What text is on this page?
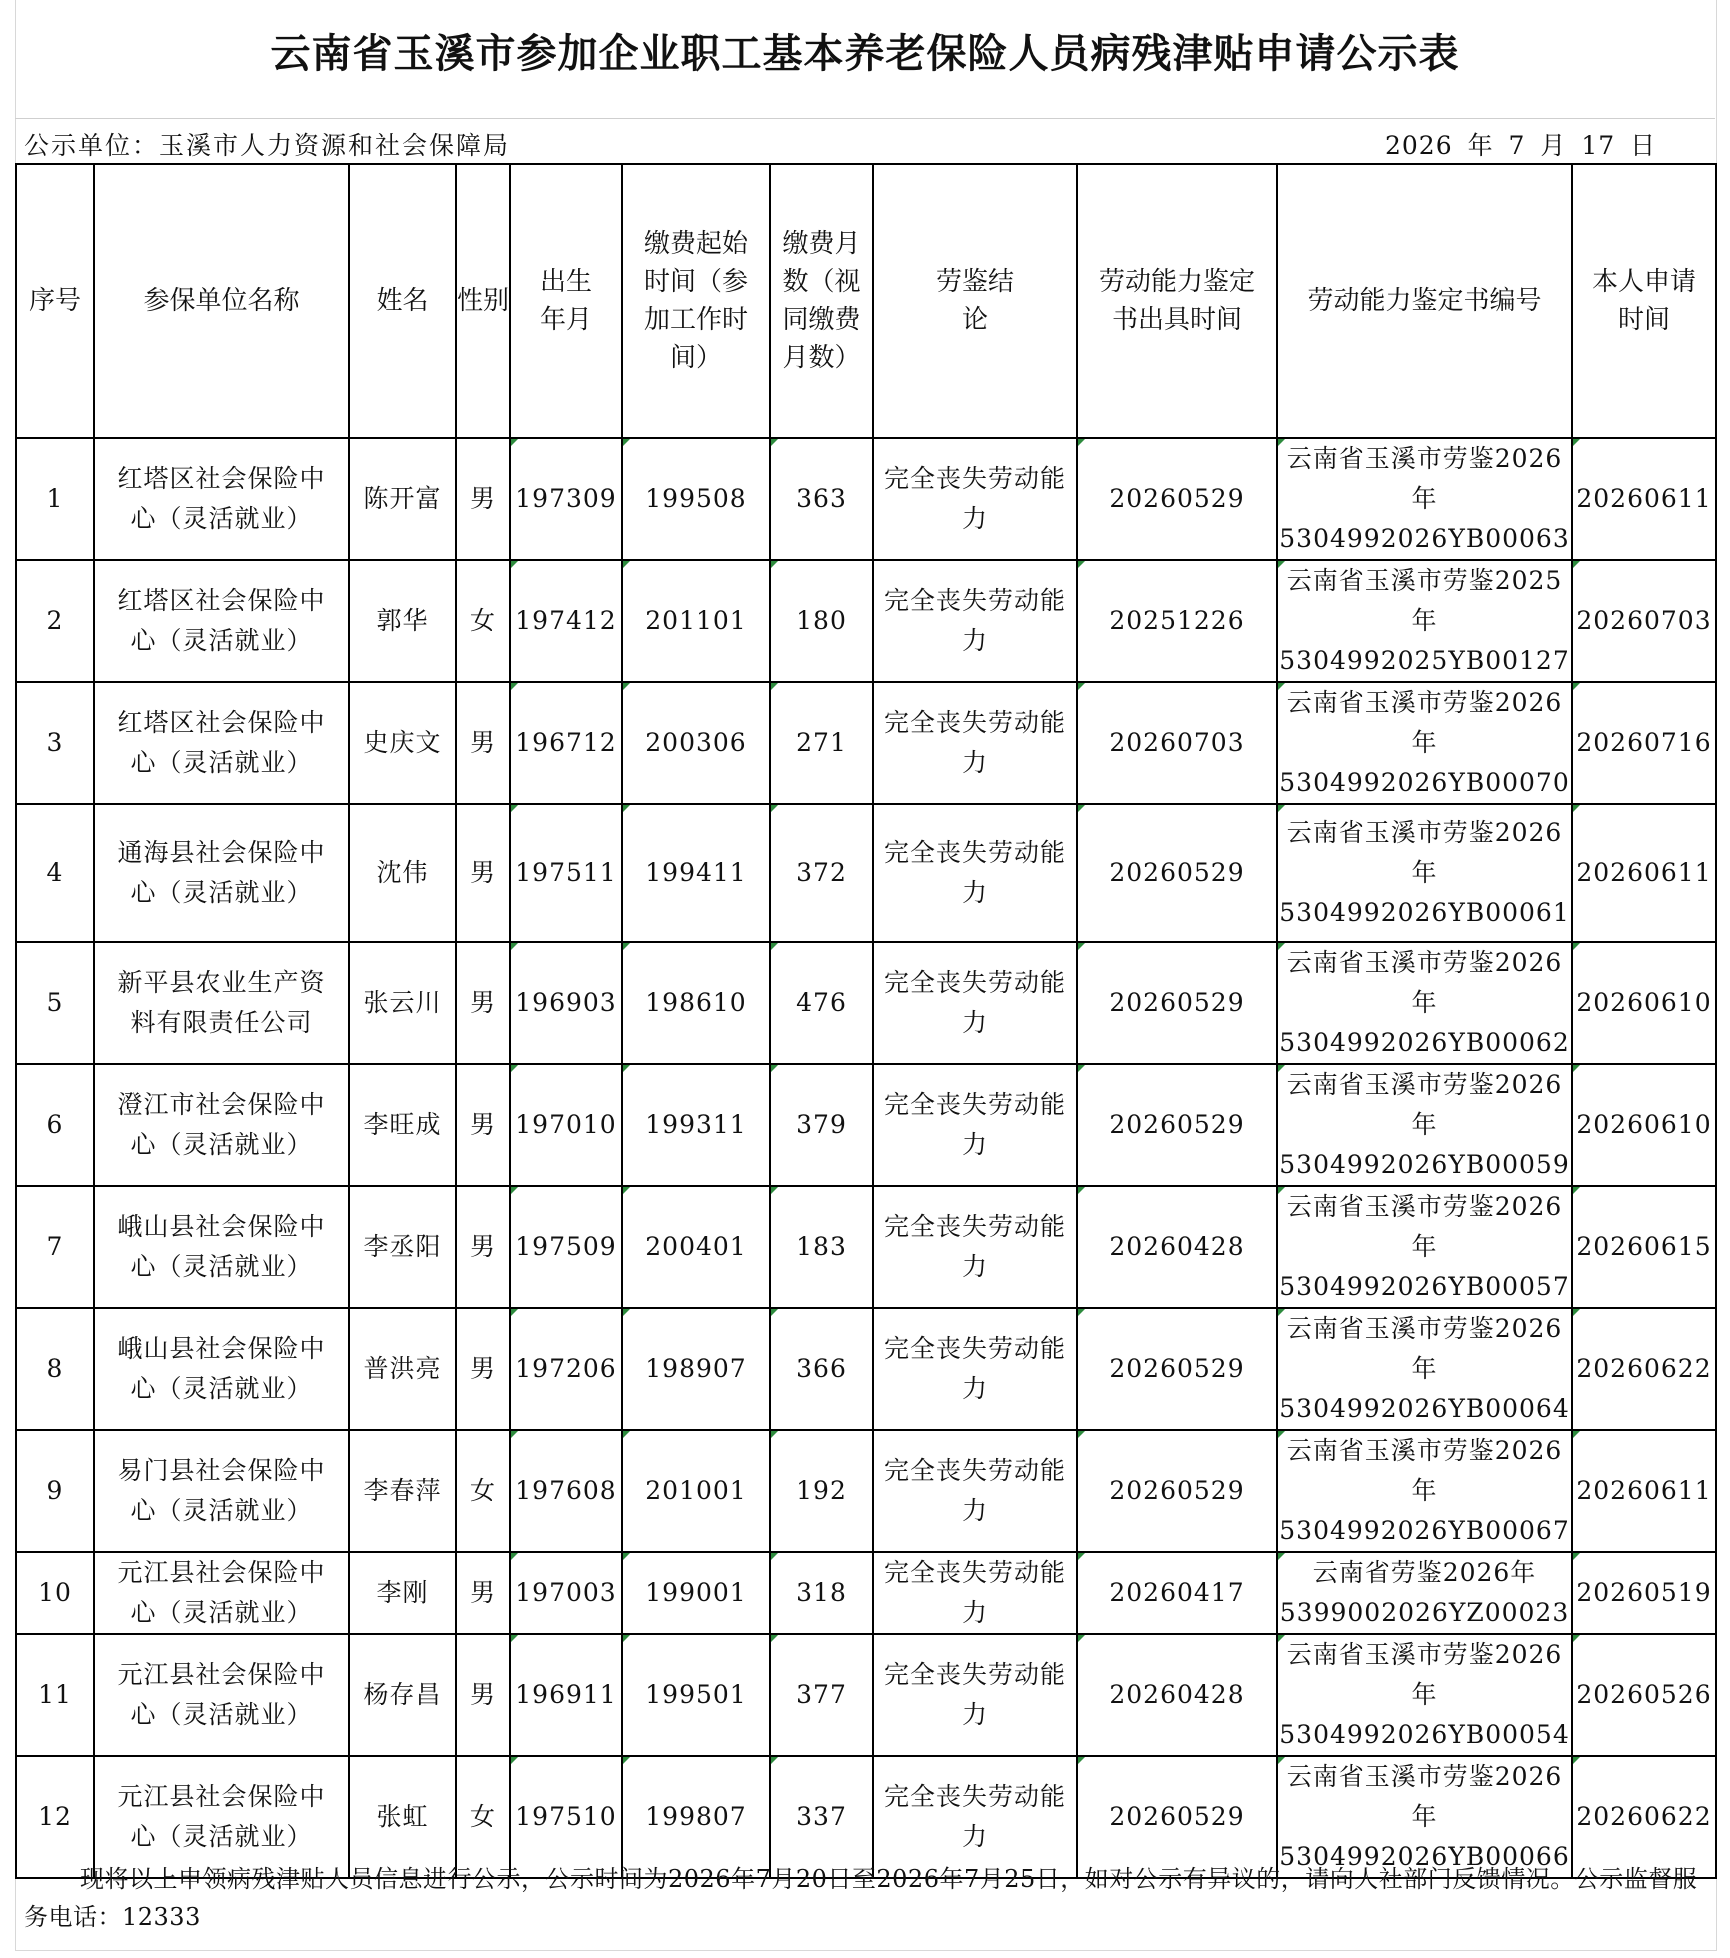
云南省玉溪市参加企业职工基本养老保险人员病残津贴申请公示表
公示单位：玉溪市人力资源和社会保障局	2026 年 7 月 17 日
序号	参保单位名称	姓名	性别	出生年月	缴费起始时间（参加工作时间）	缴费月数（视同缴费月数）	劳鉴结论	劳动能力鉴定书出具时间	劳动能力鉴定书编号	本人申请时间
1	红塔区社会保险中心（灵活就业）	陈开富	男	197309	199508	363	完全丧失劳动能力	20260529	云南省玉溪市劳鉴2026年5304992026YB00063	20260611
2	红塔区社会保险中心（灵活就业）	郭华	女	197412	201101	180	完全丧失劳动能力	20251226	云南省玉溪市劳鉴2025年5304992025YB00127	20260703
3	红塔区社会保险中心（灵活就业）	史庆文	男	196712	200306	271	完全丧失劳动能力	20260703	云南省玉溪市劳鉴2026年5304992026YB00070	20260716
4	通海县社会保险中心（灵活就业）	沈伟	男	197511	199411	372	完全丧失劳动能力	20260529	云南省玉溪市劳鉴2026年5304992026YB00061	20260611
5	新平县农业生产资料有限责任公司	张云川	男	196903	198610	476	完全丧失劳动能力	20260529	云南省玉溪市劳鉴2026年5304992026YB00062	20260610
6	澄江市社会保险中心（灵活就业）	李旺成	男	197010	199311	379	完全丧失劳动能力	20260529	云南省玉溪市劳鉴2026年5304992026YB00059	20260610
7	峨山县社会保险中心（灵活就业）	李丞阳	男	197509	200401	183	完全丧失劳动能力	20260428	云南省玉溪市劳鉴2026年5304992026YB00057	20260615
8	峨山县社会保险中心（灵活就业）	普洪亮	男	197206	198907	366	完全丧失劳动能力	20260529	云南省玉溪市劳鉴2026年5304992026YB00064	20260622
9	易门县社会保险中心（灵活就业）	李春萍	女	197608	201001	192	完全丧失劳动能力	20260529	云南省玉溪市劳鉴2026年5304992026YB00067	20260611
10	元江县社会保险中心（灵活就业）	李刚	男	197003	199001	318	完全丧失劳动能力	20260417	云南省劳鉴2026年5399002026YZ00023	20260519
11	元江县社会保险中心（灵活就业）	杨存昌	男	196911	199501	377	完全丧失劳动能力	20260428	云南省玉溪市劳鉴2026年5304992026YB00054	20260526
12	元江县社会保险中心（灵活就业）	张虹	女	197510	199807	337	完全丧失劳动能力	20260529	云南省玉溪市劳鉴2026年5304992026YB00066	20260622
现将以上申领病残津贴人员信息进行公示，公示时间为2026年7月20日至2026年7月25日，如对公示有异议的，请向人社部门反馈情况。公示监督服务电话：12333
